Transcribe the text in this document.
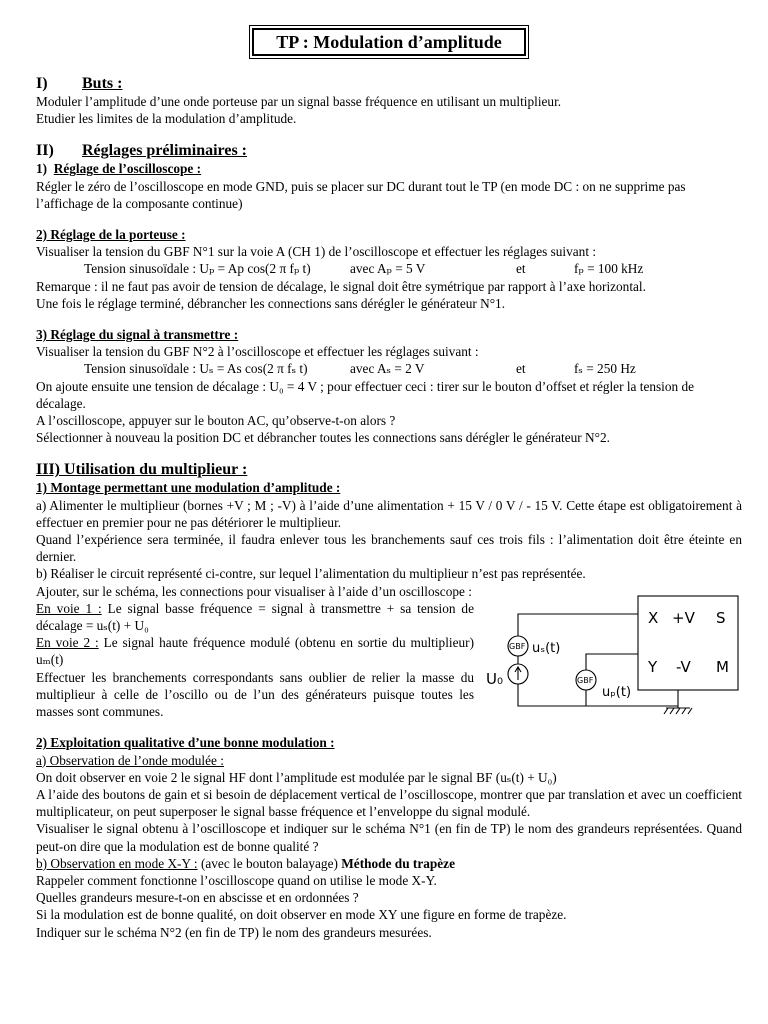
TP : Modulation d’amplitude
I) Buts :

Moduler l’amplitude d’une onde porteuse par un signal basse fréquence en utilisant un multiplieur.

Etudier les limites de la modulation d’amplitude.

II) Réglages préliminaires :

1) Réglage de l’oscilloscope :

Régler le zéro de l’oscilloscope en mode GND, puis se placer sur DC durant tout le TP (en mode DC : on ne supprime pas l’affichage de la composante continue)

2) Réglage de la porteuse :

Visualiser la tension du GBF N°1 sur la voie A (CH 1) de l’oscilloscope et effectuer les réglages suivant :

Tension sinusoïdale : Uₚ = Ap cos(2 π fₚ t)	avec Aₚ = 5 V	et	fₚ = 100 kHz

Remarque : il ne faut pas avoir de tension de décalage, le signal doit être symétrique par rapport à l’axe horizontal.

Une fois le réglage terminé, débrancher les connections sans dérégler le générateur N°1.

3) Réglage du signal à transmettre :

Visualiser la tension du GBF N°2 à l’oscilloscope et effectuer les réglages suivant :

Tension sinusoïdale : Uₛ = As cos(2 π fₛ t)	avec Aₛ = 2 V	et	fₛ = 250 Hz

On ajoute ensuite une tension de décalage : U₀ = 4 V ; pour effectuer ceci : tirer sur le bouton d’offset et régler la tension de décalage.

A l’oscilloscope, appuyer sur le bouton AC, qu’observe-t-on alors ?

Sélectionner à nouveau la position DC et débrancher toutes les connections sans dérégler le générateur N°2.

III) Utilisation du multiplieur :

1) Montage permettant une modulation d’amplitude :

a) Alimenter le multiplieur (bornes +V ; M ; -V) à l’aide d’une alimentation + 15 V / 0 V / - 15 V. Cette étape est obligatoirement à effectuer en premier pour ne pas détériorer le multiplieur.

Quand l’expérience sera terminée, il faudra enlever tous les branchements sauf ces trois fils : l’alimentation doit être éteinte en dernier.

b) Réaliser le circuit représenté ci-contre, sur lequel l’alimentation du multiplieur n’est pas représentée.

Ajouter, sur le schéma, les connections pour visualiser à l’aide d’un oscilloscope :

En voie 1 : Le signal basse fréquence = signal à transmettre + sa tension de décalage = uₛ(t) + U₀

En voie 2 : Le signal haute fréquence modulé (obtenu en sortie du multiplieur) uₘ(t)

Effectuer les branchements correspondants sans oublier de relier la masse du multiplieur à celle de l’oscillo ou de l’un des générateurs puisque toutes les masses sont communes.

X +V S
Y -V M
GBF
GBF
uₛ(t)
uₚ(t)
U₀

2) Exploitation qualitative d’une bonne modulation :

a) Observation de l’onde modulée :

On doit observer en voie 2 le signal HF dont l’amplitude est modulée par le signal BF (uₛ(t) + U₀)

A l’aide des boutons de gain et si besoin de déplacement vertical de l’oscilloscope, montrer que par translation et avec un coefficient multiplicateur, on peut superposer le signal basse fréquence et l’enveloppe du signal modulé.

Visualiser le signal obtenu à l’oscilloscope et indiquer sur le schéma N°1 (en fin de TP) le nom des grandeurs représentées. Quand peut-on dire que la modulation est de bonne qualité ?

b) Observation en mode X-Y : (avec le bouton balayage) Méthode du trapèze

Rappeler comment fonctionne l’oscilloscope quand on utilise le mode X-Y.

Quelles grandeurs mesure-t-on en abscisse et en ordonnées ?

Si la modulation est de bonne qualité, on doit observer en mode XY une figure en forme de trapèze.

Indiquer sur le schéma N°2 (en fin de TP) le nom des grandeurs mesurées.
